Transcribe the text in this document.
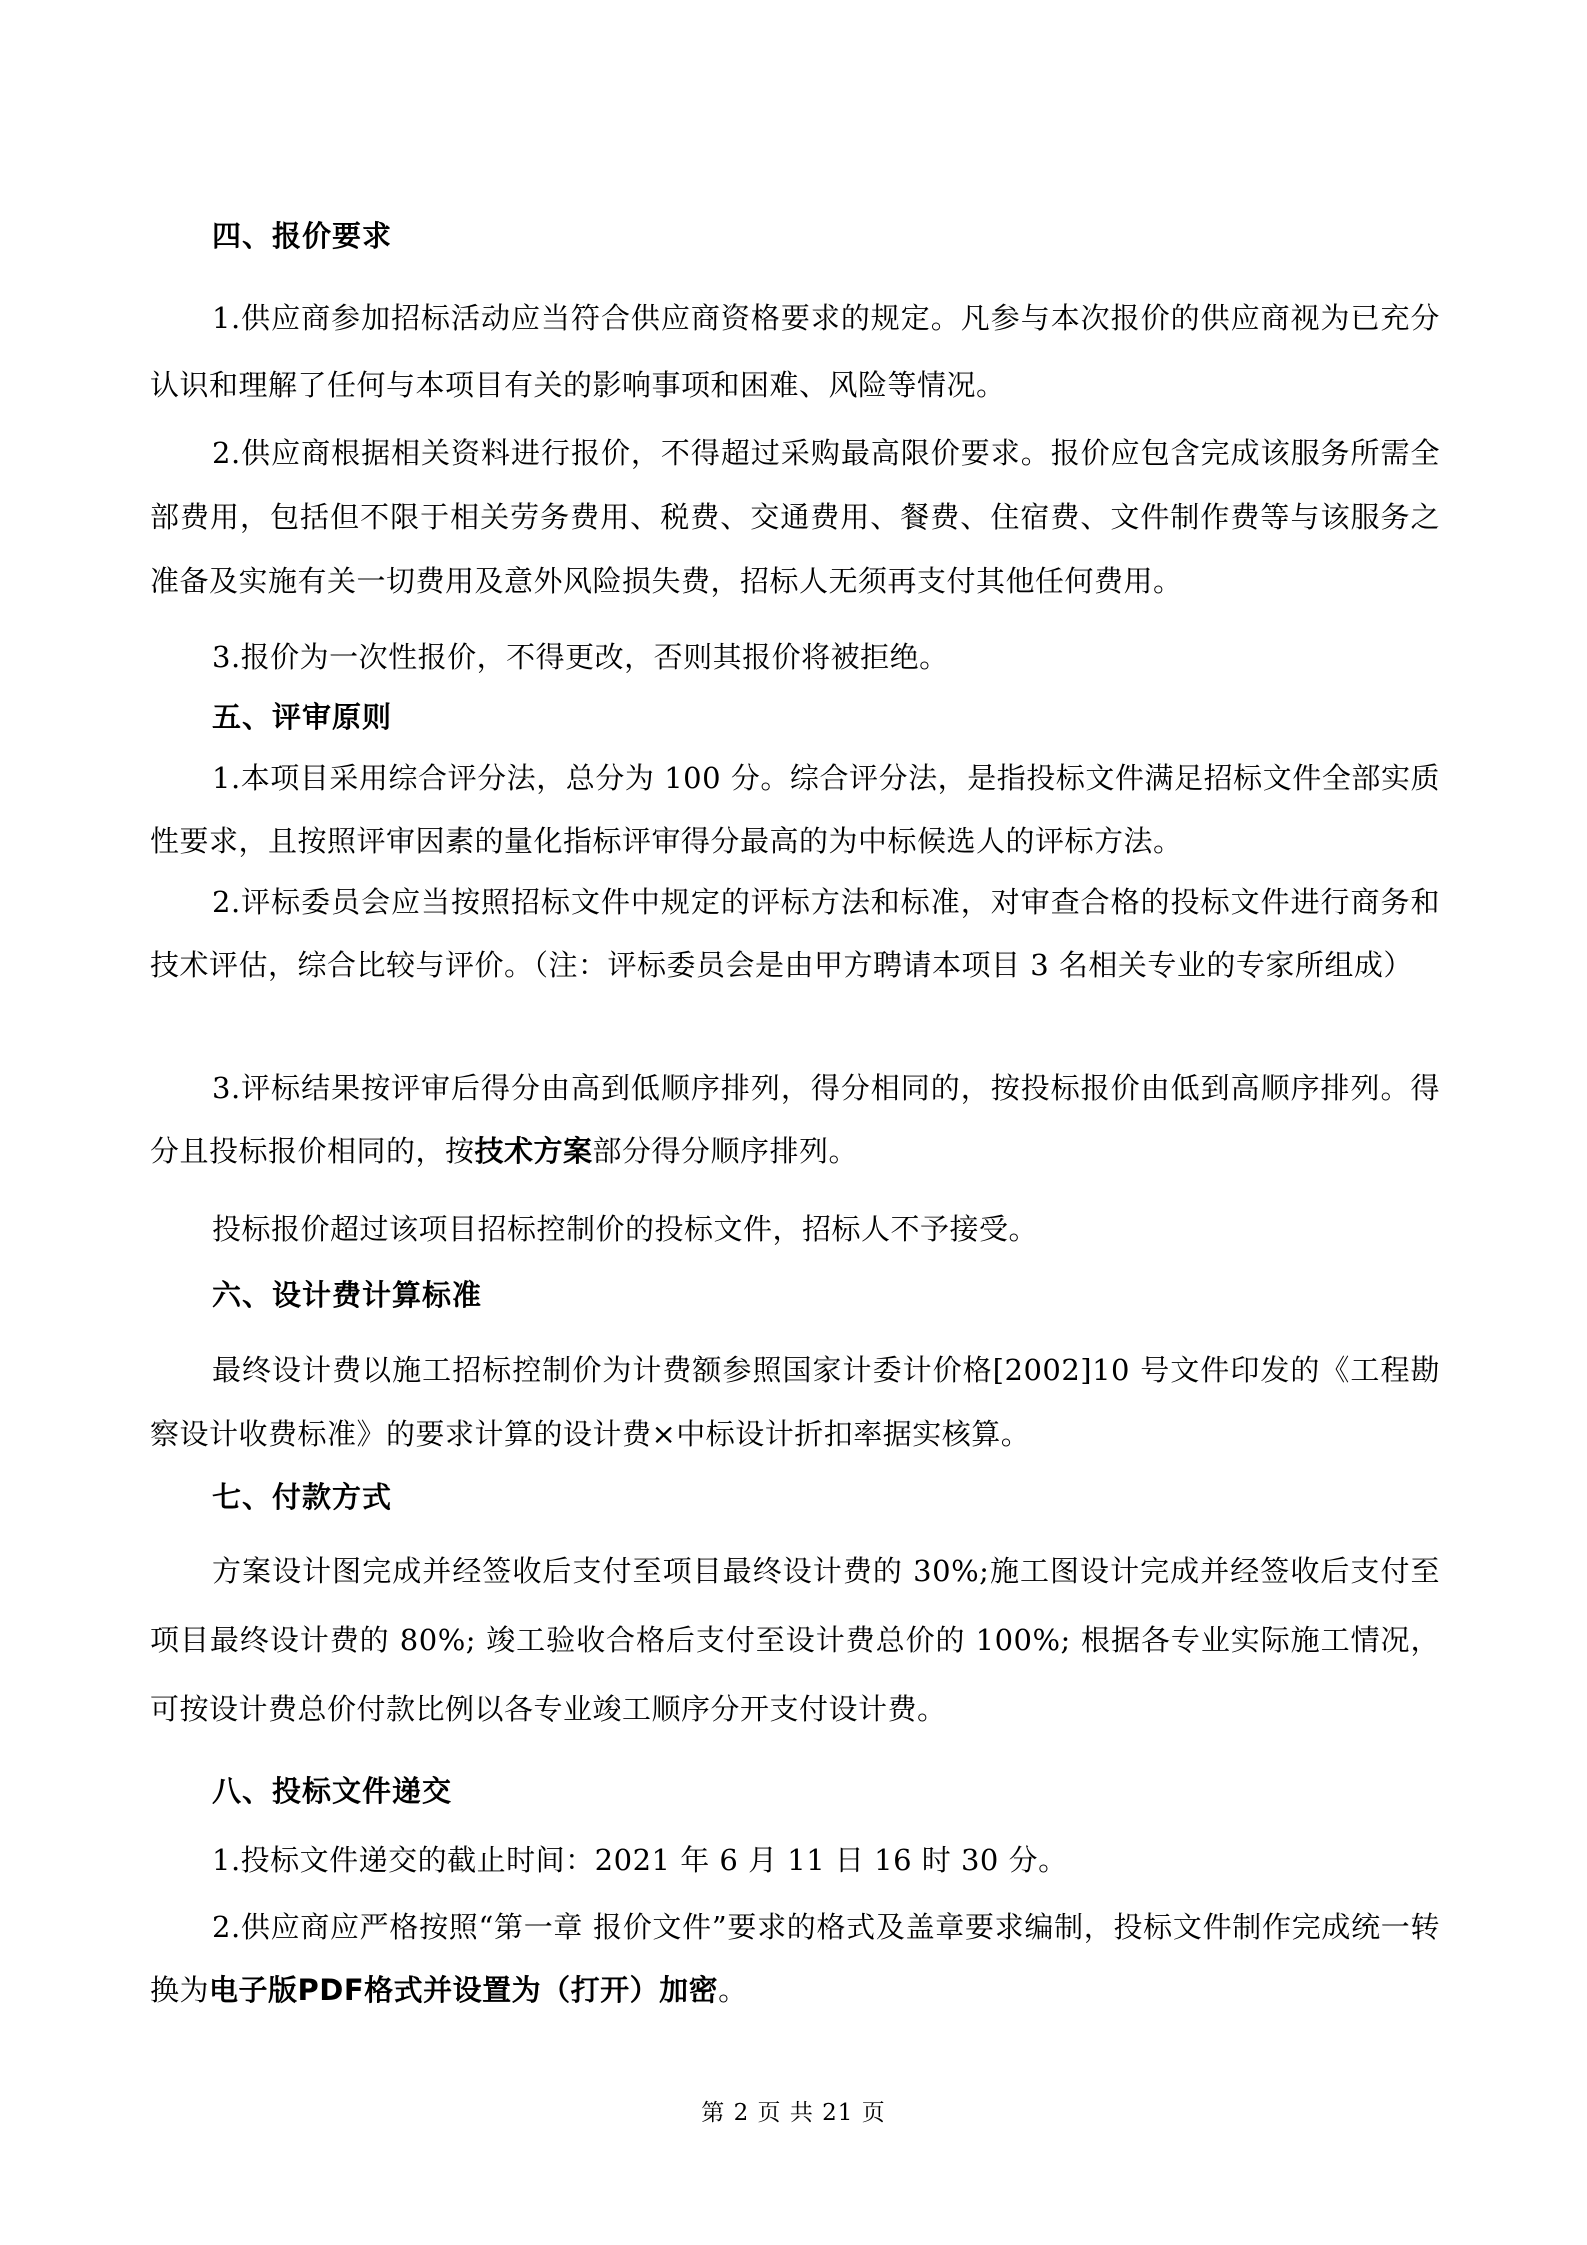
四、报价要求

1.供应商参加招标活动应当符合供应商资格要求的规定。凡参与本次报价的供应商视为已充分认识和理解了任何与本项目有关的影响事项和困难、风险等情况。

2.供应商根据相关资料进行报价，不得超过采购最高限价要求。报价应包含完成该服务所需全部费用，包括但不限于相关劳务费用、税费、交通费用、餐费、住宿费、文件制作费等与该服务之准备及实施有关一切费用及意外风险损失费，招标人无须再支付其他任何费用。

3.报价为一次性报价，不得更改，否则其报价将被拒绝。

五、评审原则

1.本项目采用综合评分法，总分为 100 分。综合评分法，是指投标文件满足招标文件全部实质性要求，且按照评审因素的量化指标评审得分最高的为中标候选人的评标方法。

2.评标委员会应当按照招标文件中规定的评标方法和标准，对审查合格的投标文件进行商务和技术评估，综合比较与评价。（注：评标委员会是由甲方聘请本项目 3 名相关专业的专家所组成）

3.评标结果按评审后得分由高到低顺序排列，得分相同的，按投标报价由低到高顺序排列。得分且投标报价相同的，按技术方案部分得分顺序排列。

投标报价超过该项目招标控制价的投标文件，招标人不予接受。

六、设计费计算标准

最终设计费以施工招标控制价为计费额参照国家计委计价格[2002]10 号文件印发的《工程勘察设计收费标准》的要求计算的设计费×中标设计折扣率据实核算。

七、付款方式

方案设计图完成并经签收后支付至项目最终设计费的 30%;施工图设计完成并经签收后支付至项目最终设计费的 80%; 竣工验收合格后支付至设计费总价的 100%; 根据各专业实际施工情况，可按设计费总价付款比例以各专业竣工顺序分开支付设计费。

八、投标文件递交

1.投标文件递交的截止时间：2021 年 6 月 11 日 16 时 30 分。

2.供应商应严格按照“第一章 报价文件”要求的格式及盖章要求编制，投标文件制作完成统一转换为电子版PDF格式并设置为（打开）加密。

第 2 页 共 21 页
